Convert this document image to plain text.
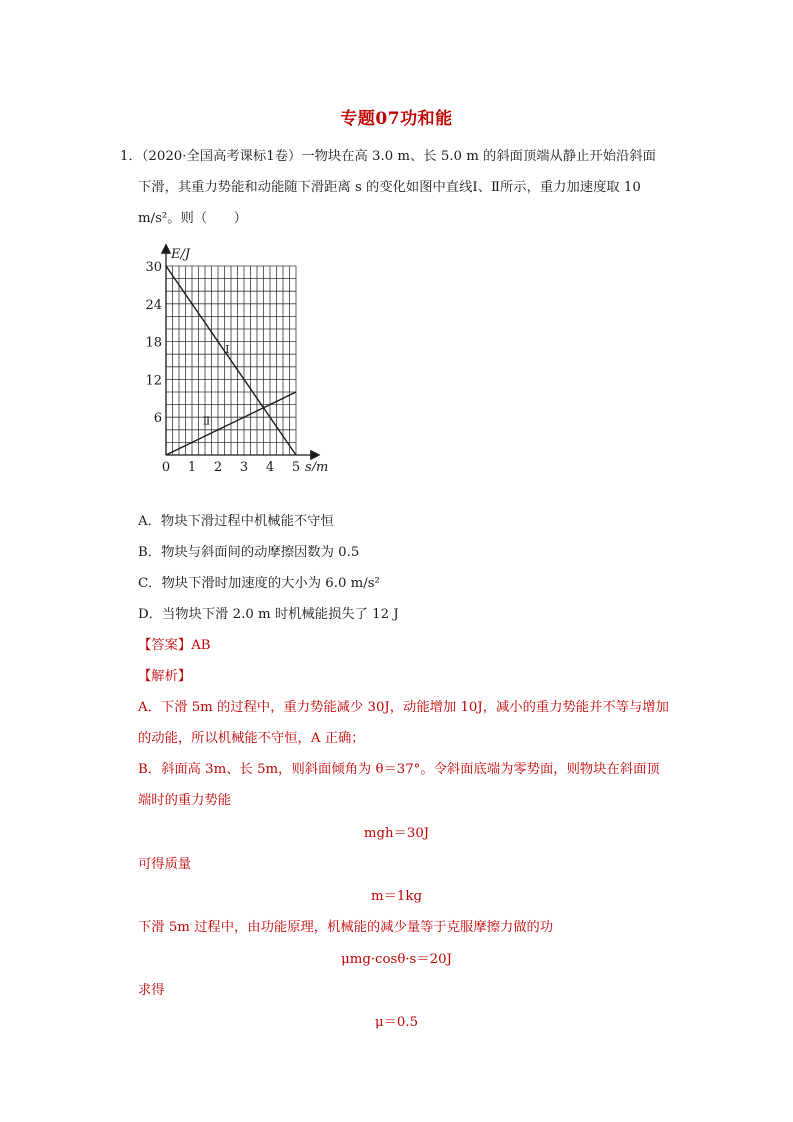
专题07功和能
1．（2020·全国高考课标1卷）一物块在高 3.0 m、长 5.0 m 的斜面顶端从静止开始沿斜面
下滑，其重力势能和动能随下滑距离 s 的变化如图中直线Ⅰ、Ⅱ所示，重力加速度取 10
m/s²。则（　　）
0 1 2 3 4 5
6
12
18
24
30
E/J
s/m
Ⅰ
Ⅱ
A．物块下滑过程中机械能不守恒
B．物块与斜面间的动摩擦因数为 0.5
C．物块下滑时加速度的大小为 6.0 m/s²
D．当物块下滑 2.0 m 时机械能损失了 12 J
【答案】AB
【解析】
A．下滑 5m 的过程中，重力势能减少 30J，动能增加 10J，减小的重力势能并不等与增加
的动能，所以机械能不守恒，A 正确；
B．斜面高 3m、长 5m，则斜面倾角为 θ＝37°。令斜面底端为零势面，则物块在斜面顶
端时的重力势能
mgh＝30J
可得质量
m＝1kg
下滑 5m 过程中，由功能原理，机械能的减少量等于克服摩擦力做的功
μmg·cosθ·s＝20J
求得
μ＝0.5
